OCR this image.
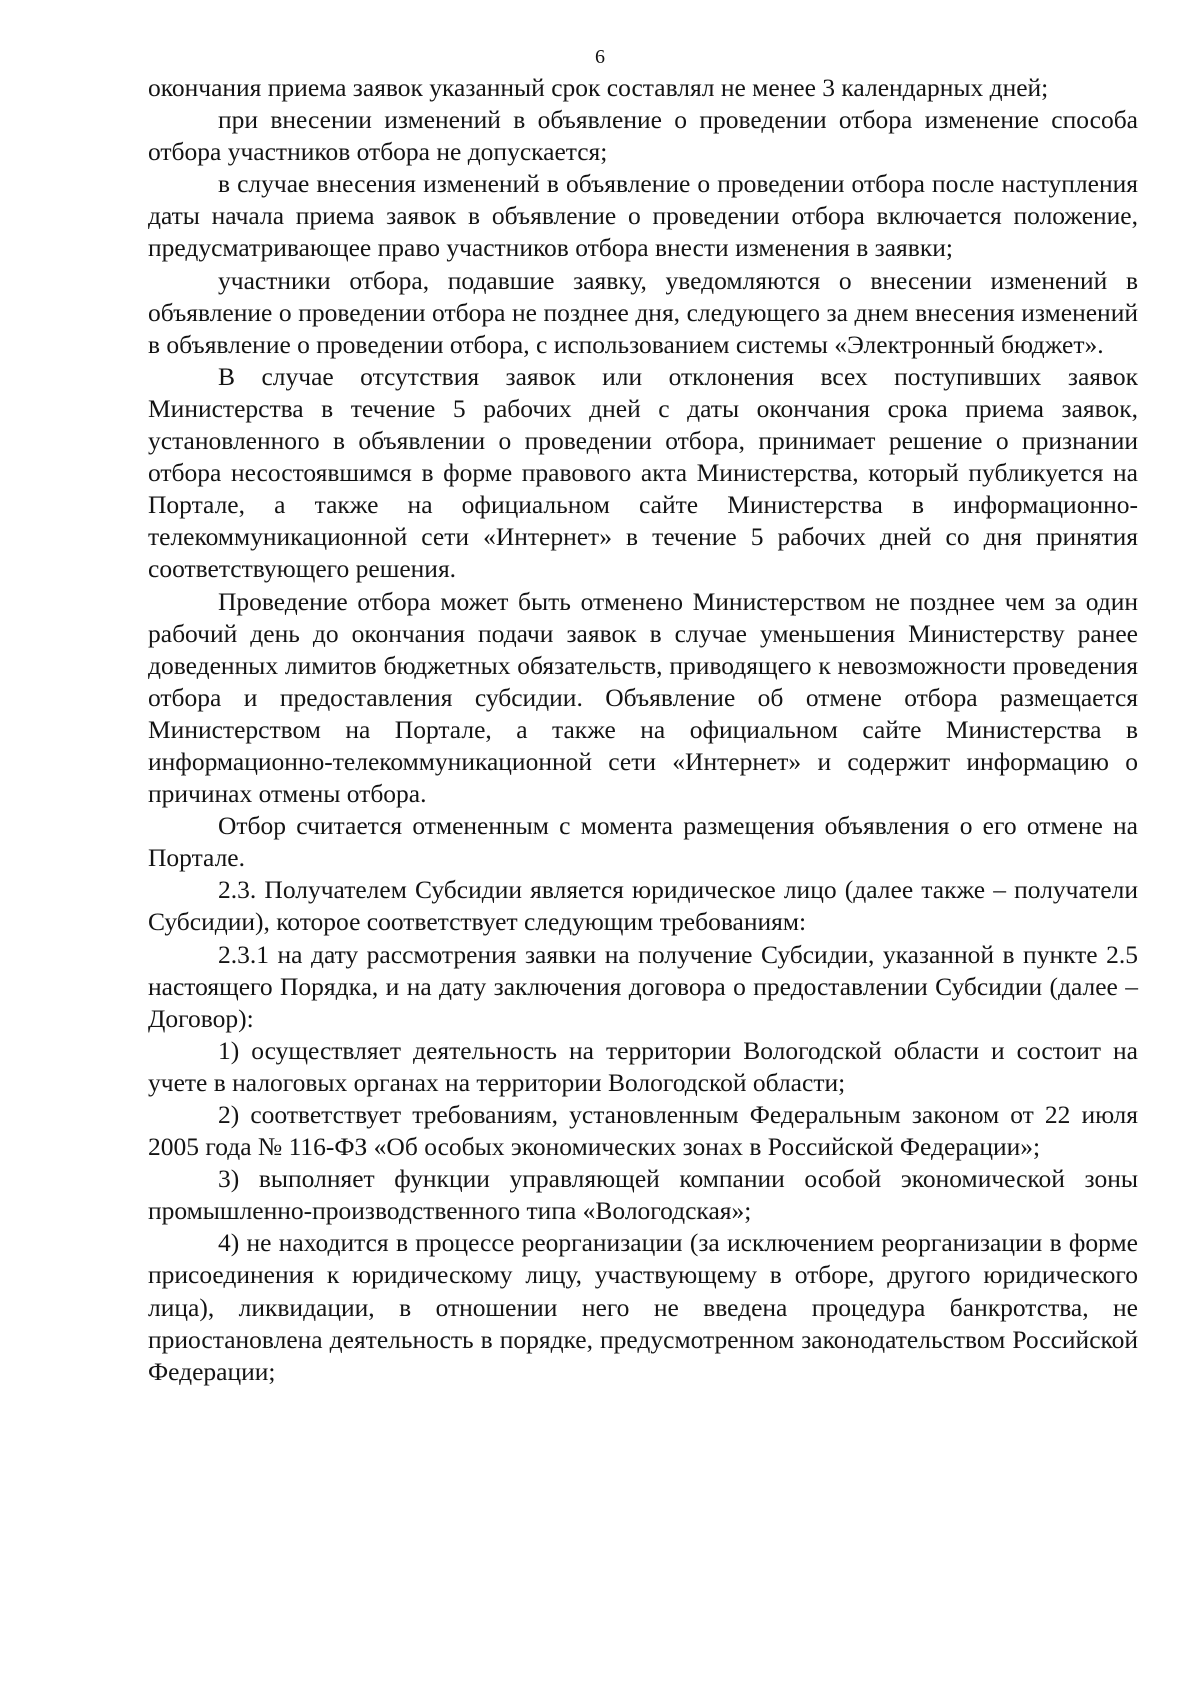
6

окончания приема заявок указанный срок составлял не менее 3 календарных дней;

при внесении изменений в объявление о проведении отбора изменение способа отбора участников отбора не допускается;

в случае внесения изменений в объявление о проведении отбора после наступления даты начала приема заявок в объявление о проведении отбора включается положение, предусматривающее право участников отбора внести изменения в заявки;

участники отбора, подавшие заявку, уведомляются о внесении изменений в объявление о проведении отбора не позднее дня, следующего за днем внесения изменений в объявление о проведении отбора, с использованием системы «Электронный бюджет».

В случае отсутствия заявок или отклонения всех поступивших заявок Министерства в течение 5 рабочих дней с даты окончания срока приема заявок, установленного в объявлении о проведении отбора, принимает решение о признании отбора несостоявшимся в форме правового акта Министерства, который публикуется на Портале, а также на официальном сайте Министерства в информационно-телекоммуникационной сети «Интернет» в течение 5 рабочих дней со дня принятия соответствующего решения.

Проведение отбора может быть отменено Министерством не позднее чем за один рабочий день до окончания подачи заявок в случае уменьшения Министерству ранее доведенных лимитов бюджетных обязательств, приводящего к невозможности проведения отбора и предоставления субсидии. Объявление об отмене отбора размещается Министерством на Портале, а также на официальном сайте Министерства в информационно-телекоммуникационной сети «Интернет» и содержит информацию о причинах отмены отбора.

Отбор считается отмененным с момента размещения объявления о его отмене на Портале.

2.3. Получателем Субсидии является юридическое лицо (далее также – получатели Субсидии), которое соответствует следующим требованиям:

2.3.1 на дату рассмотрения заявки на получение Субсидии, указанной в пункте 2.5 настоящего Порядка, и на дату заключения договора о предоставлении Субсидии (далее – Договор):

1) осуществляет деятельность на территории Вологодской области и состоит на учете в налоговых органах на территории Вологодской области;

2) соответствует требованиям, установленным Федеральным законом от 22 июля 2005 года № 116-ФЗ «Об особых экономических зонах в Российской Федерации»;

3) выполняет функции управляющей компании особой экономической зоны промышленно-производственного типа «Вологодская»;

4) не находится в процессе реорганизации (за исключением реорганизации в форме присоединения к юридическому лицу, участвующему в отборе, другого юридического лица), ликвидации, в отношении него не введена процедура банкротства, не приостановлена деятельность в порядке, предусмотренном законодательством Российской Федерации;
